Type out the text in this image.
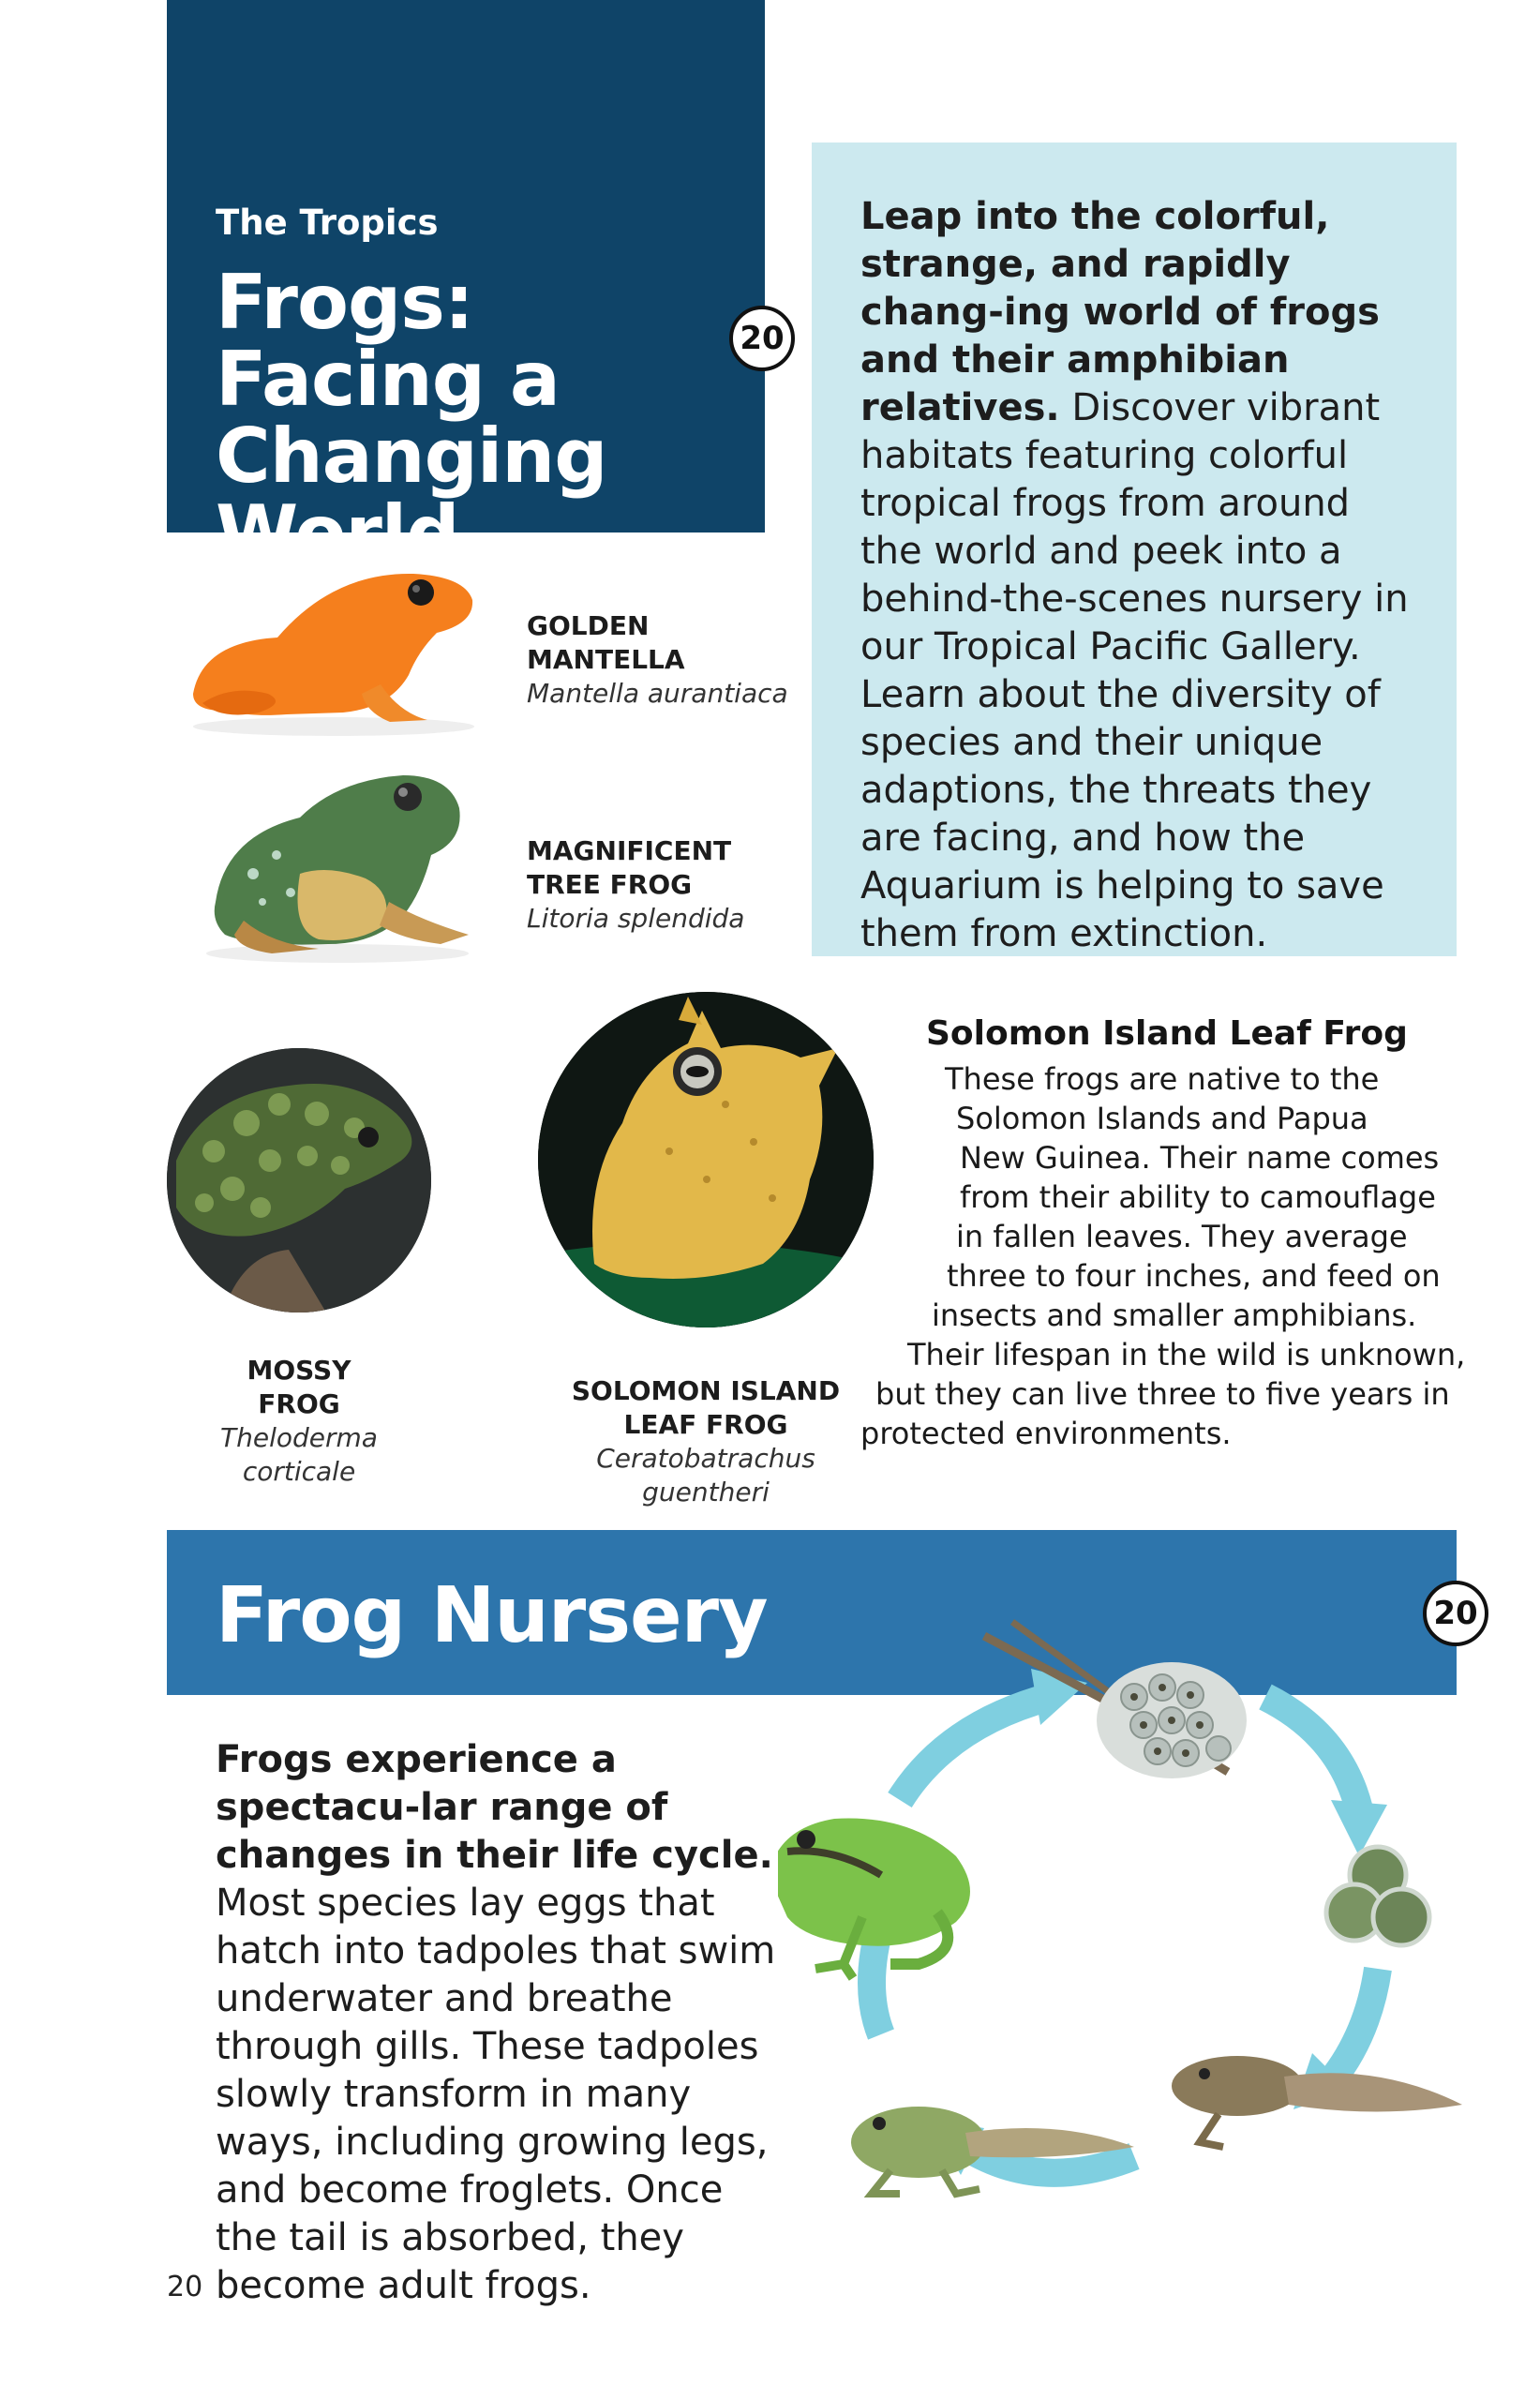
The Tropics
Frogs: Facing a Changing World
20

Leap into the colorful, strange, and rapidly chang-ing world of frogs and their amphibian relatives. Discover vibrant habitats featuring colorful tropical frogs from around the world and peek into a behind-the-scenes nursery in our Tropical Pacific Gallery. Learn about the diversity of species and their unique adaptions, the threats they are facing, and how the Aquarium is helping to save them from extinction.

GOLDEN
MANTELLA
Mantella aurantiaca
MAGNIFICENT
TREE FROG
Litoria splendida
MOSSY
FROG
Theloderma
corticale
SOLOMON ISLAND
LEAF FROG
Ceratobatrachus
guentheri
Solomon Island Leaf Frog
These frogs are native to the
Solomon Islands and Papua
New Guinea. Their name comes
from their ability to camouflage
in fallen leaves. They average
three to four inches, and feed on
insects and smaller amphibians.
Their lifespan in the wild is unknown,
but they can live three to five years in
protected environments.
Frog Nursery	20

Frogs experience a spectacu-lar range of changes in their life cycle. Most species lay eggs that hatch into tadpoles that swim underwater and breathe through gills. These tadpoles slowly transform in many ways, including growing legs, and become froglets. Once the tail is absorbed, they become adult frogs.

20
